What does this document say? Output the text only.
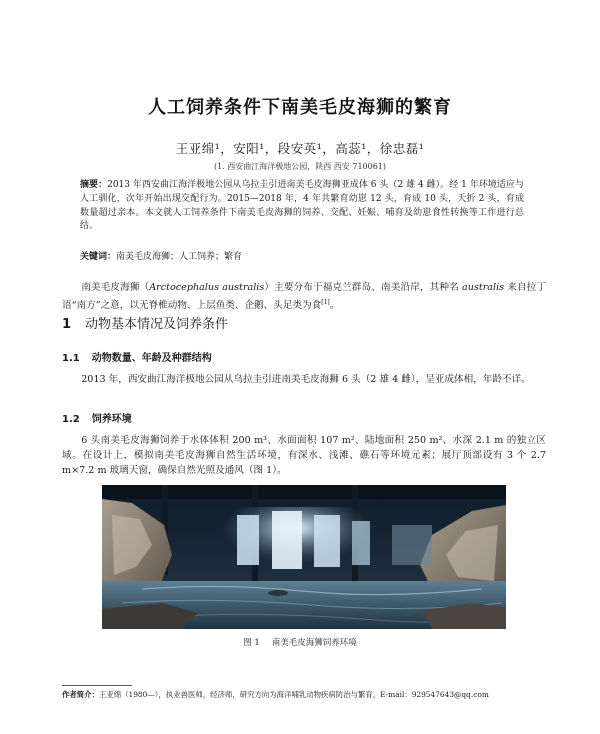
人工饲养条件下南美毛皮海狮的繁育
王亚绵¹，安阳¹，段安英¹，高蕊¹，徐忠磊¹
(1. 西安曲江海洋极地公园，陕西 西安 710061)
摘要：2013 年西安曲江海洋极地公园从乌拉圭引进南美毛皮海狮亚成体 6 头（2 雄 4 雌）。经 1 年环境适应与人工驯化，次年开始出现交配行为。2015—2018 年，4 年共繁育幼崽 12 头，育成 10 头，夭折 2 头，育成数量超过亲本。本文就人工饲养条件下南美毛皮海狮的饲养、交配、妊娠、哺育及幼崽食性转换等工作进行总结。
关键词：南美毛皮海狮；人工饲养；繁育
南美毛皮海狮（Arctocephalus australis）主要分布于福克兰群岛、南美沿岸，其种名 australis 来自拉丁语“南方”之意，以无脊椎动物、上层鱼类、企鹅、头足类为食[1]。
1 动物基本情况及饲养条件
1.1 动物数量、年龄及种群结构
2013 年，西安曲江海洋极地公园从乌拉圭引进南美毛皮海狮 6 头（2 雄 4 雌），呈亚成体相，年龄不详。
1.2 饲养环境
6 头南美毛皮海狮饲养于水体体积 200 m³、水面面积 107 m²、陆地面积 250 m²、水深 2.1 m 的独立区域。在设计上，模拟南美毛皮海狮自然生活环境，有深水、浅滩、礁石等环境元素；展厅顶部设有 3 个 2.7 m×7.2 m 玻璃天窗，确保自然光照及通风（图 1）。
图 1 南美毛皮海狮饲养环境
作者简介：王亚绵（1980—），执业兽医师，经济师，研究方向为海洋哺乳动物疾病防治与繁育。E-mail：929547643@qq.com
